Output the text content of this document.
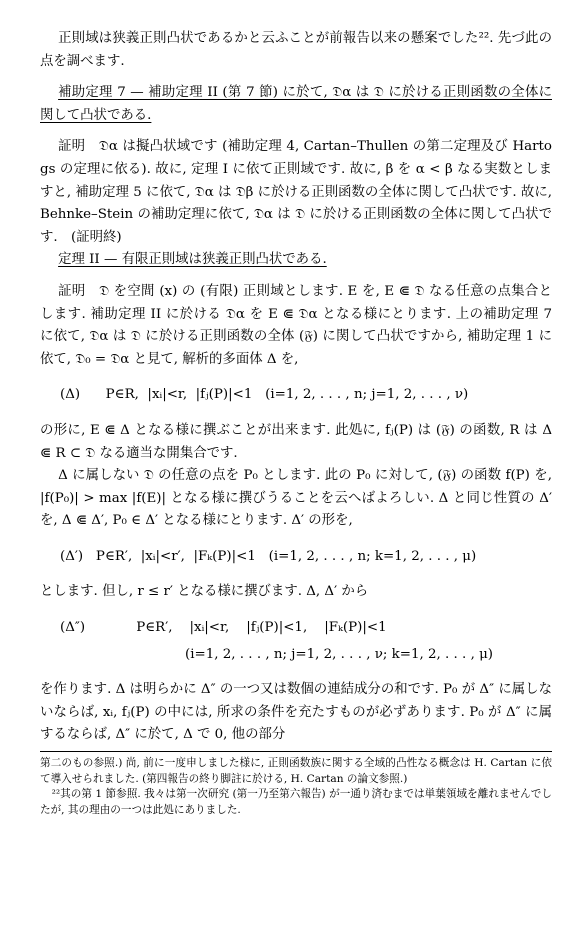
正則域は狭義正則凸状であるかと云ふことが前報告以来の懸案でした²². 先づ此の点を調べます.

補助定理 7 — 補助定理 II (第 7 節) に於て, 𝔇α は 𝔇 に於ける正則函数の全体に関して凸状である.

証明　𝔇α は擬凸状域です (補助定理 4, Cartan–Thullen の第二定理及び Hartogs の定理に依る). 故に, 定理 I に依て正則域です. 故に, β を α < β なる実数としますと, 補助定理 5 に依て, 𝔇α は 𝔇β に於ける正則函数の全体に関して凸状です. 故に, Behnke–Stein の補助定理に依て, 𝔇α は 𝔇 に於ける正則函数の全体に関して凸状です.　(証明終)

定理 II — 有限正則域は狭義正則凸状である.

証明　𝔇 を空間 (x) の (有限) 正則域とします. E を, E ⋐ 𝔇 なる任意の点集合とします. 補助定理 II に於ける 𝔇α を E ⋐ 𝔇α となる様にとります. 上の補助定理 7 に依て, 𝔇α は 𝔇 に於ける正則函数の全体 (𝔉) に関して凸状ですから, 補助定理 1 に依て, 𝔇₀ = 𝔇α と見て, 解析的多面体 Δ を,

(Δ)      P∈R,  |xᵢ|<r,  |fⱼ(P)|<1   (i=1, 2, . . . , n; j=1, 2, . . . , ν)

の形に, E ⋐ Δ となる様に撰ぶことが出来ます. 此処に, fⱼ(P) は (𝔉) の函数, R は Δ ⋐ R ⊂ 𝔇 なる適当な開集合です.

Δ に属しない 𝔇 の任意の点を P₀ とします. 此の P₀ に対して, (𝔉) の函数 f(P) を, |f(P₀)| > max |f(E)| となる様に撰びうることを云へばよろしい. Δ と同じ性質の Δ′ を, Δ ⋐ Δ′, P₀ ∈ Δ′ となる様にとります. Δ′ の形を,

(Δ′)   P∈R′,  |xᵢ|<r′,  |Fₖ(P)|<1   (i=1, 2, . . . , n; k=1, 2, . . . , μ)

とします. 但し, r ≤ r′ となる様に撰びます. Δ, Δ′ から

(Δ″)            P∈R′,    |xᵢ|<r,    |fⱼ(P)|<1,    |Fₖ(P)|<1
(i=1, 2, . . . , n; j=1, 2, . . . , ν; k=1, 2, . . . , μ)

を作ります. Δ は明らかに Δ″ の一つ又は数個の連結成分の和です. P₀ が Δ″ に属しないならば, xᵢ, fⱼ(P) の中には, 所求の条件を充たすものが必ずあります. P₀ が Δ″ に属するならば, Δ″ に於て, Δ で 0, 他の部分

第二のもの参照.) 尚, 前に一度申しました様に, 正則函数族に関する全域的凸性なる概念は H. Cartan に依て導入せられました. (第四報告の終り脚註に於ける, H. Cartan の論文参照.)

²²其の第 1 節参照. 我々は第一次研究 (第一乃至第六報告) が一通り済むまでは単葉領域を離れませんでしたが, 其の理由の一つは此処にありました.
